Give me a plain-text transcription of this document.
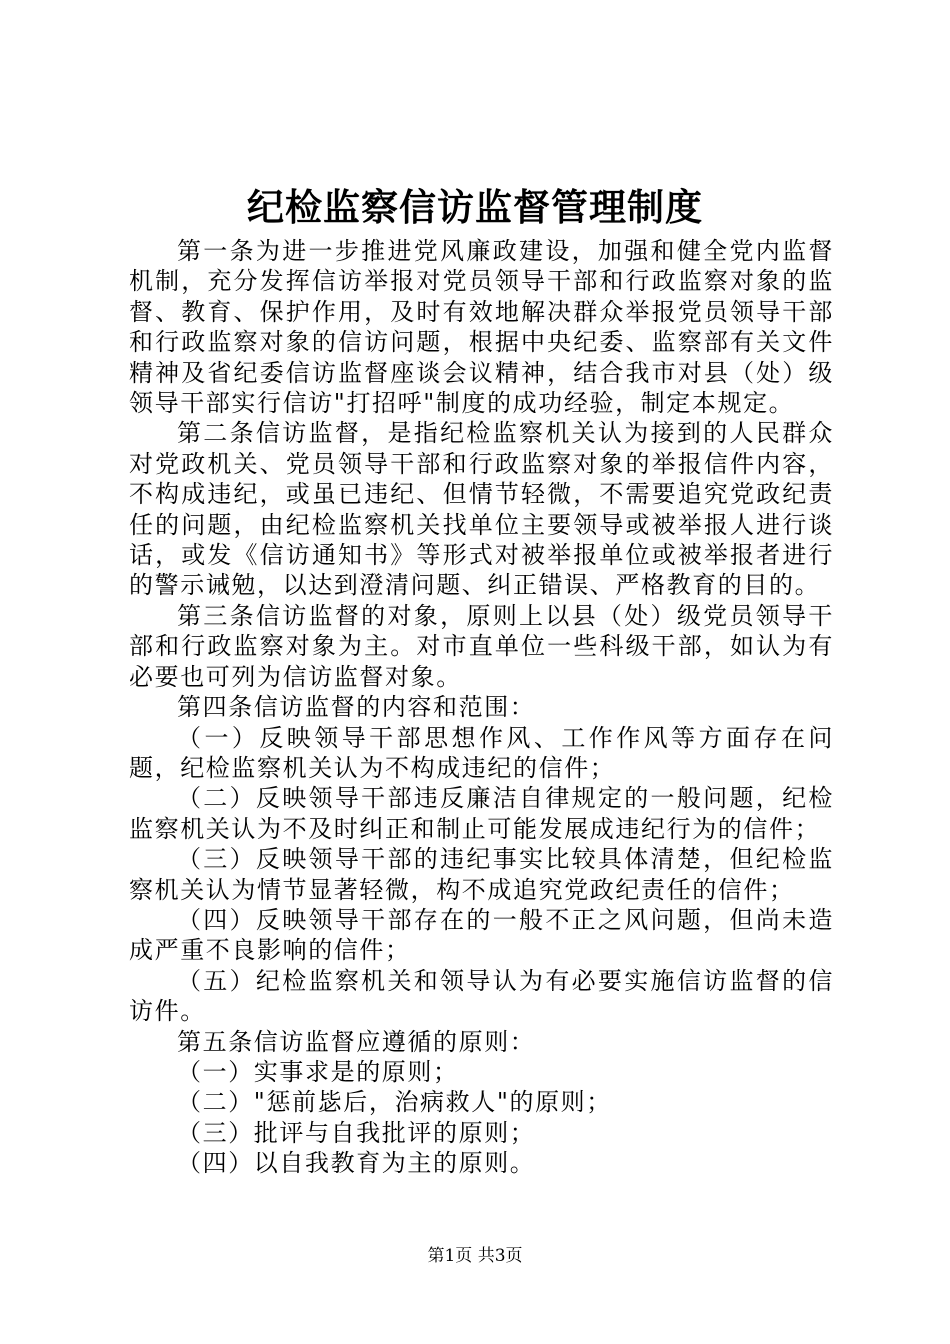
纪检监察信访监督管理制度

第一条为进一步推进党风廉政建设，加强和健全党内监督机制，充分发挥信访举报对党员领导干部和行政监察对象的监督、教育、保护作用，及时有效地解决群众举报党员领导干部和行政监察对象的信访问题，根据中央纪委、监察部有关文件精神及省纪委信访监督座谈会议精神，结合我市对县（处）级领导干部实行信访"打招呼"制度的成功经验，制定本规定。

第二条信访监督，是指纪检监察机关认为接到的人民群众对党政机关、党员领导干部和行政监察对象的举报信件内容，不构成违纪，或虽已违纪、但情节轻微，不需要追究党政纪责任的问题，由纪检监察机关找单位主要领导或被举报人进行谈话，或发《信访通知书》等形式对被举报单位或被举报者进行的警示诫勉，以达到澄清问题、纠正错误、严格教育的目的。

第三条信访监督的对象，原则上以县（处）级党员领导干部和行政监察对象为主。对市直单位一些科级干部，如认为有必要也可列为信访监督对象。

第四条信访监督的内容和范围：

（一）反映领导干部思想作风、工作作风等方面存在问题，纪检监察机关认为不构成违纪的信件；

（二）反映领导干部违反廉洁自律规定的一般问题，纪检监察机关认为不及时纠正和制止可能发展成违纪行为的信件；

（三）反映领导干部的违纪事实比较具体清楚，但纪检监察机关认为情节显著轻微，构不成追究党政纪责任的信件；

（四）反映领导干部存在的一般不正之风问题，但尚未造成严重不良影响的信件；

（五）纪检监察机关和领导认为有必要实施信访监督的信访件。

第五条信访监督应遵循的原则：

（一）实事求是的原则；

（二）"惩前毖后，治病救人"的原则；

（三）批评与自我批评的原则；

（四）以自我教育为主的原则。

第1页 共3页
